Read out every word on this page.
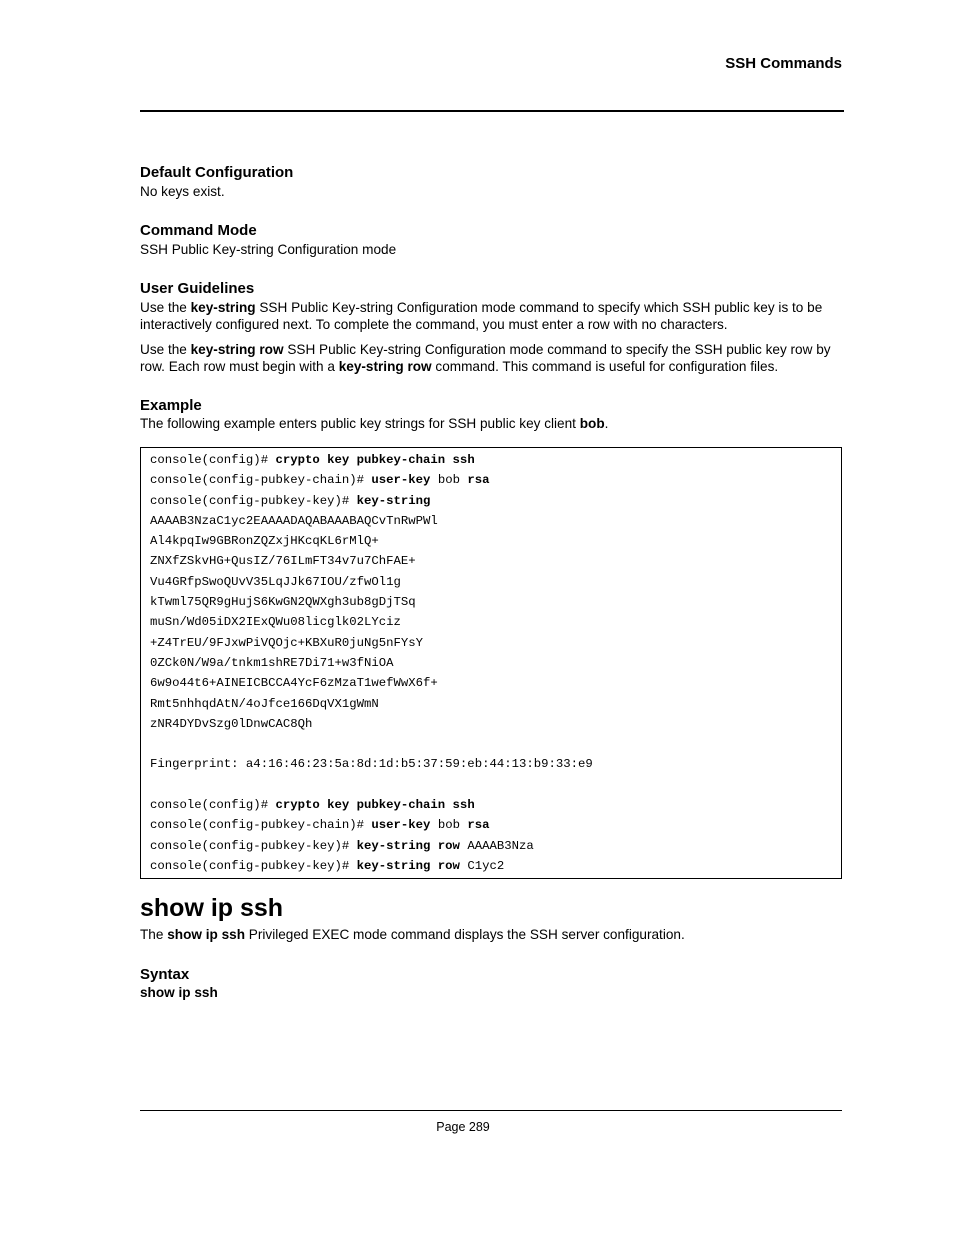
SSH Commands
Default Configuration

No keys exist.

Command Mode

SSH Public Key-string Configuration mode

User Guidelines

Use the key-string SSH Public Key-string Configuration mode command to specify which SSH public key is to be interactively configured next. To complete the command, you must enter a row with no characters.

Use the key-string row SSH Public Key-string Configuration mode command to specify the SSH public key row by row. Each row must begin with a key-string row command. This command is useful for configuration files.

Example

The following example enters public key strings for SSH public key client bob.

console(config)# crypto key pubkey-chain ssh
console(config-pubkey-chain)# user-key bob rsa
console(config-pubkey-key)# key-string
AAAAB3NzaC1yc2EAAAADAQABAAABAQCvTnRwPWl
Al4kpqIw9GBRonZQZxjHKcqKL6rMlQ+
ZNXfZSkvHG+QusIZ/76ILmFT34v7u7ChFAE+
Vu4GRfpSwoQUvV35LqJJk67IOU/zfwOl1g
kTwml75QR9gHujS6KwGN2QWXgh3ub8gDjTSq
muSn/Wd05iDX2IExQWu08licglk02LYciz
+Z4TrEU/9FJxwPiVQOjc+KBXuR0juNg5nFYsY
0ZCk0N/W9a/tnkm1shRE7Di71+w3fNiOA
6w9o44t6+AINEICBCCA4YcF6zMzaT1wefWwX6f+
Rmt5nhhqdAtN/4oJfce166DqVX1gWmN
zNR4DYDvSzg0lDnwCAC8Qh
Fingerprint: a4:16:46:23:5a:8d:1d:b5:37:59:eb:44:13:b9:33:e9
console(config)# crypto key pubkey-chain ssh
console(config-pubkey-chain)# user-key bob rsa
console(config-pubkey-key)# key-string row AAAAB3Nza
console(config-pubkey-key)# key-string row C1yc2
show ip ssh

The show ip ssh Privileged EXEC mode command displays the SSH server configuration.

Syntax
show ip ssh
Page 289
